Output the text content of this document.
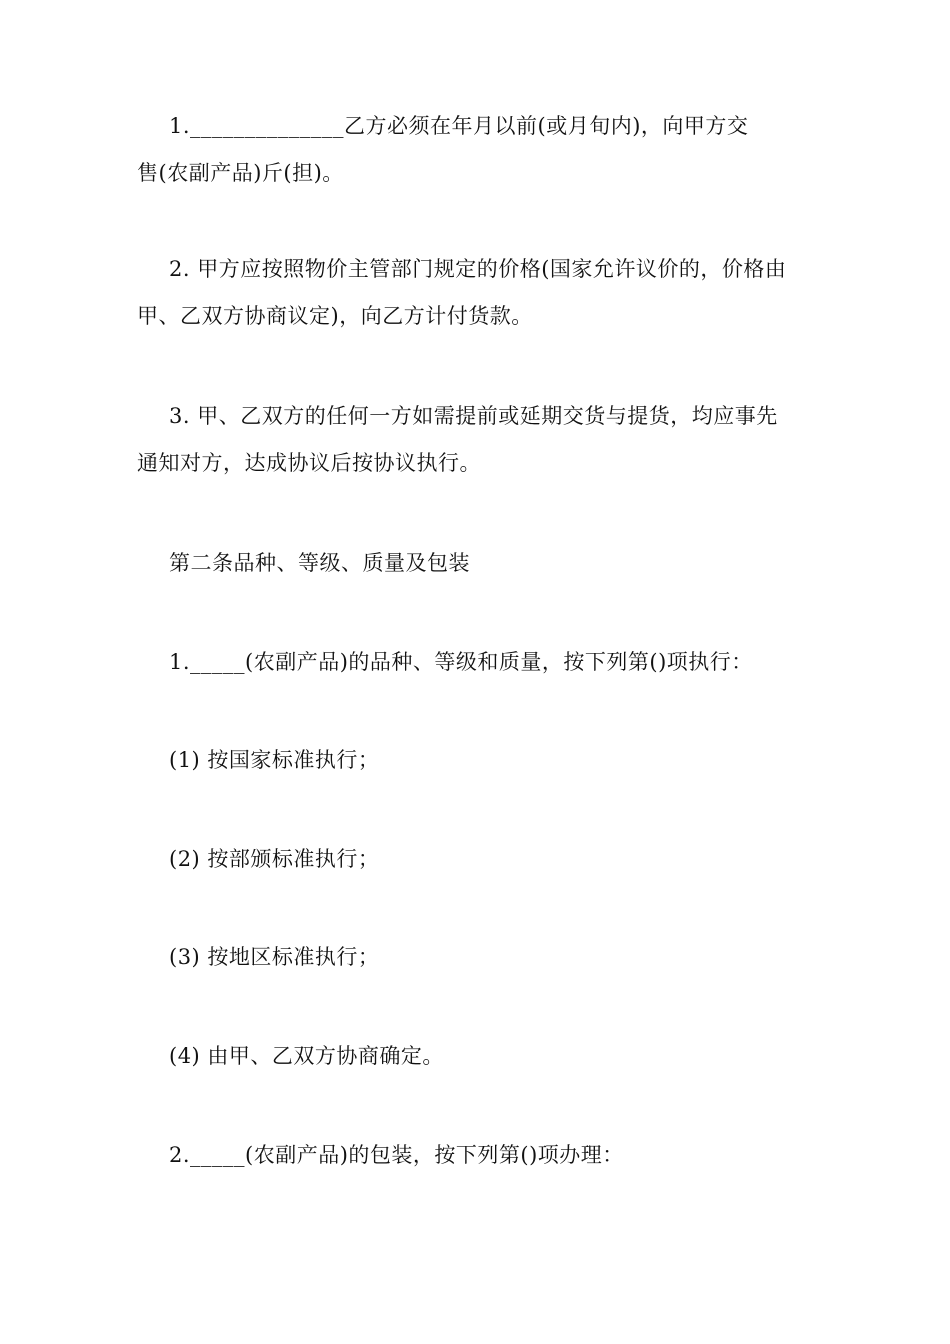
1.______________乙方必须在年月以前(或月旬内)，向甲方交
售(农副产品)斤(担)。
2. 甲方应按照物价主管部门规定的价格(国家允许议价的，价格由
甲、乙双方协商议定)，向乙方计付货款。
3. 甲、乙双方的任何一方如需提前或延期交货与提货，均应事先
通知对方，达成协议后按协议执行。
第二条品种、等级、质量及包装
1._____(农副产品)的品种、等级和质量，按下列第()项执行：
(1) 按国家标准执行；
(2) 按部颁标准执行；
(3) 按地区标准执行；
(4) 由甲、乙双方协商确定。
2._____(农副产品)的包装，按下列第()项办理：
